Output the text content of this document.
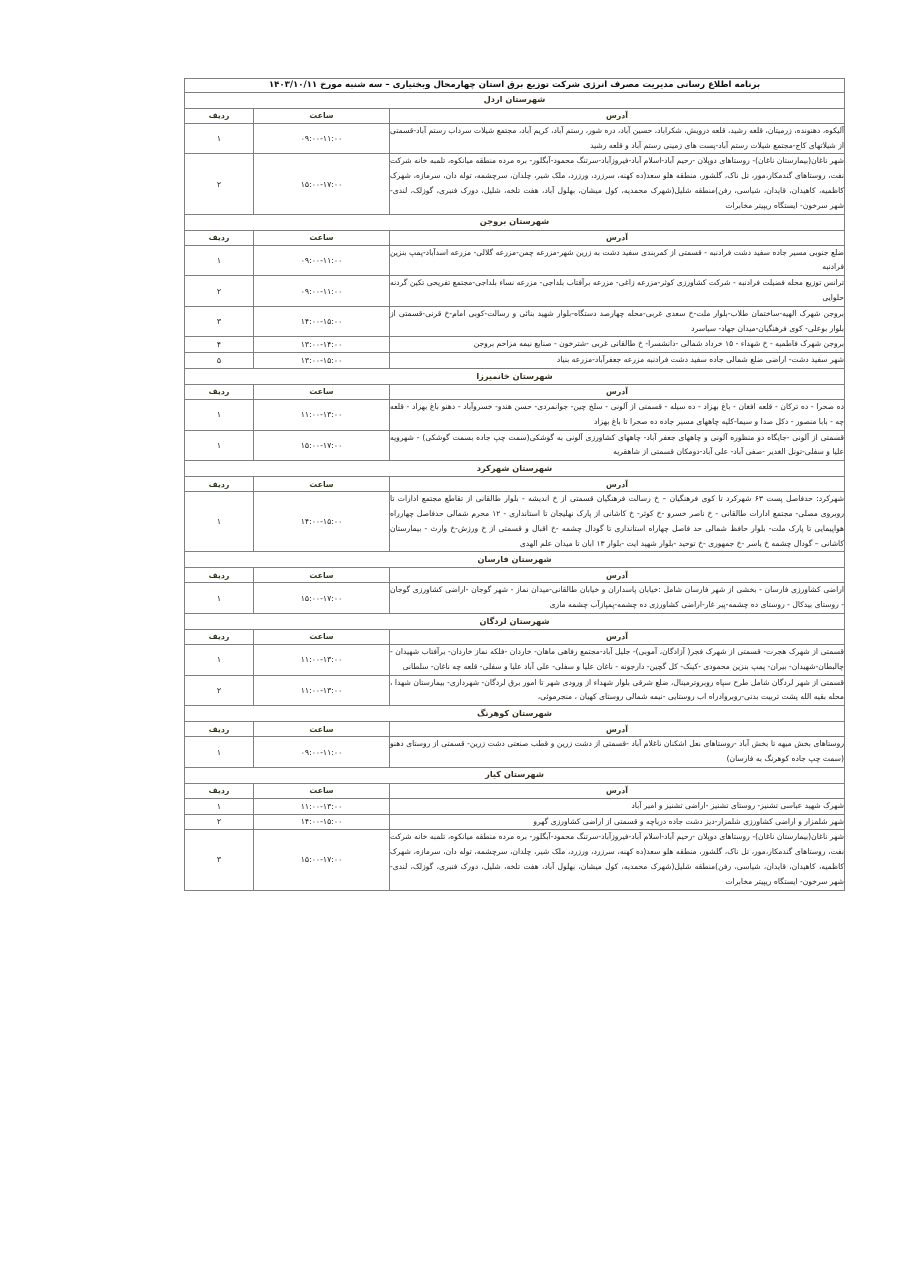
برنامه اطلاع رسانی مدیریت مصرف انرژی شرکت توزیع برق استان چهارمحال وبختیاری – سه شنبه مورخ ۱۴۰۳/۱۰/۱۱		
شهرستان اردل		
آدرس	ساعت	ردیف
آلیکوه، دهنونده، زرمیتان، قلعه رشید، قلعه درویش، شکراباد، حسین آباد، دره شور، رستم آباد، کریم آباد، مجتمع شیلات سرداب رستم آباد-قسمتی از شیلاتهای کاج-مجتمع شیلات رستم آباد-پست های زمینی رستم آباد و قلعه رشید	۰۹:۰۰-۱۱:۰۰	۱
شهر ناغان(بیمارستان ناغان)- روستاهای دوپلان -رحیم آباد-اسلام آباد-فیروزآباد-سرتنگ محمود-آبگلور- بره مرده منطقه میانکوه، تلمبه خانه شرکت نفت، روستاهای گندمکار،مور، تل ناک، گلشور، منطقه هلو سعد(ده کهنه، سرزرد، ورزرد، ملک شیر، چلدان، سرچشمه، توله دان، سرمازه، شهرک کاظمیه، کاهیدان، قایدان، شیاسی، رفن)منطقه شلیل(شهرک محمدیه، کول میشان، بهلول آباد، هفت تلخه، شلیل، دورک فنبری، گوزلک، لندی- شهر سرخون- ایستگاه ریپیتر مخابرات	۱۵:۰۰-۱۷:۰۰	۲
شهرستان بروجن		
آدرس	ساعت	ردیف
ضلع جنوبی مسیر جاده سفید دشت فرادنبه - قسمتی از کمربندی سفید دشت به زرین شهر-مزرعه چمن-مزرعه گلالی- مزرعه اسدآباد-پمپ بنزین فرادنبه	۰۹:۰۰-۱۱:۰۰	۱
ترانس توزیع محله فضیلت فرادنبه - شرکت کشاورزی کوثر-مزرعه زاغی- مزرعه برآفتاب بلداجی- مزرعه نساء بلداجی-مجتمع تفریحی تکین گردنه حلوایی	۰۹:۰۰-۱۱:۰۰	۲
بروجن شهرک الهیه-ساختمان طلاب-بلوار ملت-خ سعدی غربی-محله چهارصد دستگاه-بلوار شهید بنائی و رسالت-کوبی امام-خ قرنی-قسمتی از بلوار بوعلی- کوی فرهنگیان-میدان جهاد- سیاسرد	۱۴:۰۰-۱۵:۰۰	۳
بروجن شهرک فاطمیه - خ شهداء - ۱۵ خرداد شمالی -دانشسرا- خ طالقانی غربی -شترخون - صنایع نیمه مزاحم بروجن	۱۳:۰۰-۱۴:۰۰	۴
شهر سفید دشت- اراضی ضلع شمالی جاده سفید دشت فرادنبه مزرعه جعفرآباد-مزرعه بنیاد	۱۳:۰۰-۱۵:۰۰	۵
شهرستان خانمیرزا		
آدرس	ساعت	ردیف
ده صحرا - ده ترکان - قلعه افغان - باغ بهزاد - ده سیله - قسمتی از آلونی - سلخ چین- جوانمردی- حسن هندو- خسروآباد - دهنو باغ بهزاد - قلعه چه - بابا منصور - دکل صدا و سیما-کلیه چاههای مسیر جاده ده صحرا تا باغ بهزاد	۱۱:۰۰-۱۳:۰۰	۱
قسمتی از آلونی -جایگاه دو منظوره آلونی و چاههای جعفر آباد- چاههای کشاورزی آلونی به گوشکی(سمت چپ جاده بسمت گوشکی) - شهرویه علیا و سفلی-تونل الغدیر -صفی آباد- علی آباد-دومکان قسمتی از شاهقریه	۱۵:۰۰-۱۷:۰۰	۱
شهرستان شهرکرد		
آدرس	ساعت	ردیف
شهرکرد: حدفاصل پست ۶۳ شهرکرد تا کوی فرهنگیان – خ رسالت فرهنگیان قسمتی از خ اندیشه - بلوار طالقانی از تقاطع مجتمع ادارات تا روبروی مصلی- مجتمع ادارات طالقانی - خ ناصر خسرو -خ کوثر- خ کاشانی از پارک نهلیجان تا استانداری - ۱۲ محرم شمالی حدفاصل چهارراه هواپیمایی تا پارک ملت- بلوار حافظ شمالی حد فاصل چهاراه استانداری تا گودال چشمه -خ اقبال و قسمتی از خ ورزش-خ وارث - بیمارستان کاشانی – گودال چشمه خ یاسر -خ جمهوری -خ توحید -بلوار شهید ایت -بلوار ۱۳ ابان تا میدان علم الهدی	۱۴:۰۰-۱۵:۰۰	۱
شهرستان فارسان		
آدرس	ساعت	ردیف
اراضی کشاورزی فارسان - بخشی از شهر فارسان شامل :خیابان پاسداران و خیابان طالقانی-میدان نماز - شهر گوجان -اراضی کشاورزی گوجان - روستای بیدکال - روستای ده چشمه-پیر غار-اراضی کشاورزی ده چشمه-پمپازآب چشمه ماری	۱۵:۰۰-۱۷:۰۰	۱
شهرستان لردگان		
آدرس	ساعت	ردیف
قسمتی از شهرک هجرت- قسمتی از شهرک فجر( آزادگان، آموبی)- جلیل آباد-مجتمع رفاهی ماهان- خاردان -فلکه نماز خاردان- برآفتاب شهیدان - چالبطان-شهیدان- بیران- پمپ بنزین محمودی -کینک- کل گچین- دارجونه - ناغان علیا و سفلی- علی آباد علیا و سفلی- قلعه چه ناغان- سلطانی	۱۱:۰۰-۱۳:۰۰	۱
قسمتی از شهر لردگان شامل طرح سپاه روبروترمینال، ضلع شرقی بلوار شهداء از ورودی شهر تا امور برق لردگان- شهرداری- بیمارستان شهدا ، محله بقیه الله پشت تربیت بدنی-روبروادراه اب روستایی -نیمه شمالی روستای کهیان ، منجرموئی،	۱۱:۰۰-۱۳:۰۰	۲
شهرستان کوهرنگ		
آدرس	ساعت	ردیف
روستاهای بخش میهه تا بخش آباد -روستاهای نعل اشکنان ناغلام آباد -قسمتی از دشت زرین و قطب صنعتی دشت زرین- قسمتی از روستای دهنو (سمت چپ جاده کوهرنگ به فارسان)	۰۹:۰۰-۱۱:۰۰	۱
شهرستان کیار		
آدرس	ساعت	ردیف
شهرک شهید عباسی تشنیز- روستای تشنیز -اراضی تشنیز و امیر آباد	۱۱:۰۰-۱۳:۰۰	۱
شهر شلمزار و اراضی کشاورزی شلمزار-دیز دشت جاده درباچه و قسمتی از اراضی کشاورزی گهرو	۱۴:۰۰-۱۵:۰۰	۲
شهر ناغان(بیمارستان ناغان)- روستاهای دوپلان -رحیم آباد-اسلام آباد-فیروزآباد-سرتنگ محمود-آبگلور- بره مرده منطقه میانکوه، تلمبه خانه شرکت نفت، روستاهای گندمکار،مور، تل ناک، گلشور، منطقه هلو سعد(ده کهنه، سرزرد، ورزرد، ملک شیر، چلدان، سرچشمه، توله دان، سرمازه، شهرک کاظمیه، کاهیدان، قایدان، شیاسی، رفن)منطقه شلیل(شهرک محمدیه، کول میشان، بهلول آباد، هفت تلخه، شلیل، دورک فنبری، گوزلک، لندی- شهر سرخون- ایستگاه ریپیتر مخابرات	۱۵:۰۰-۱۷:۰۰	۳
